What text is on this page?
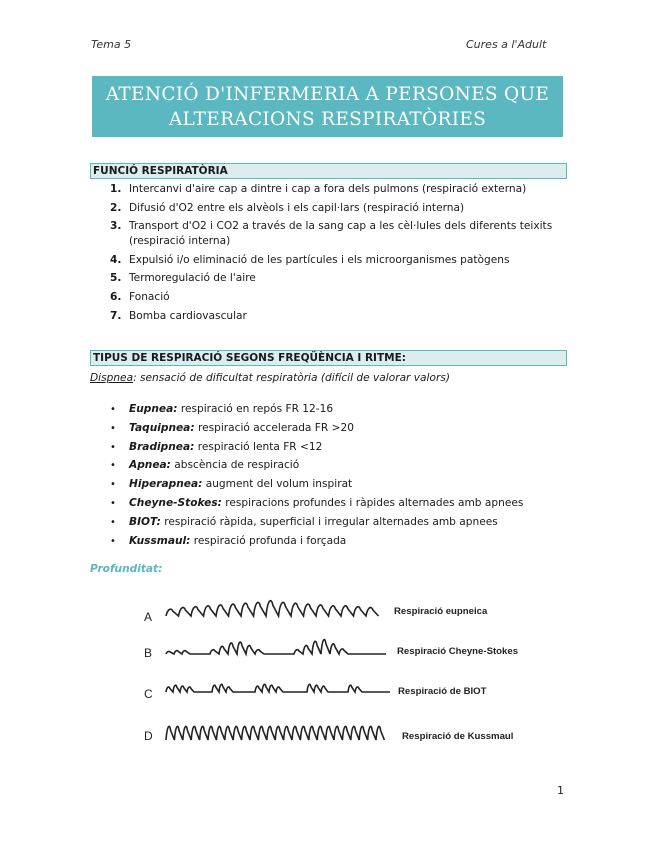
Tema 5	Cures a l'Adult
ATENCIÓ D'INFERMERIA A PERSONES QUE
ALTERACIONS RESPIRATÒRIES
FUNCIÓ RESPIRATÒRIA
1. Intercanvi d'aire cap a dintre i cap a fora dels pulmons (respiració externa)
2. Difusió d'O2 entre els alvèols i els capil·lars (respiració interna)
3. Transport d'O2 i CO2 a través de la sang cap a les cèl·lules dels diferents teixits (respiració interna)
4. Expulsió i/o eliminació de les partícules i els microorganismes patògens
5. Termoregulació de l'aire
6. Fonació
7. Bomba cardiovascular
TIPUS DE RESPIRACIÓ SEGONS FREQÜÈNCIA I RITME:
Dispnea: sensació de dificultat respiratòria (difícil de valorar valors)
•	Eupnea: respiració en repós FR 12-16
•	Taquipnea: respiració accelerada FR >20
•	Bradipnea: respiració lenta FR <12
•	Apnea: abscència de respiració
•	Hiperapnea: augment del volum inspirat
•	Cheyne-Stokes: respiracions profundes i ràpides alternades amb apnees
•	BIOT: respiració ràpida, superficial i irregular alternades amb apnees
•	Kussmaul: respiració profunda i forçada
Profunditat:
A
B
C
D
Respiració eupneica
Respiració Cheyne-Stokes
Respiració de BIOT
Respiració de Kussmaul
1
